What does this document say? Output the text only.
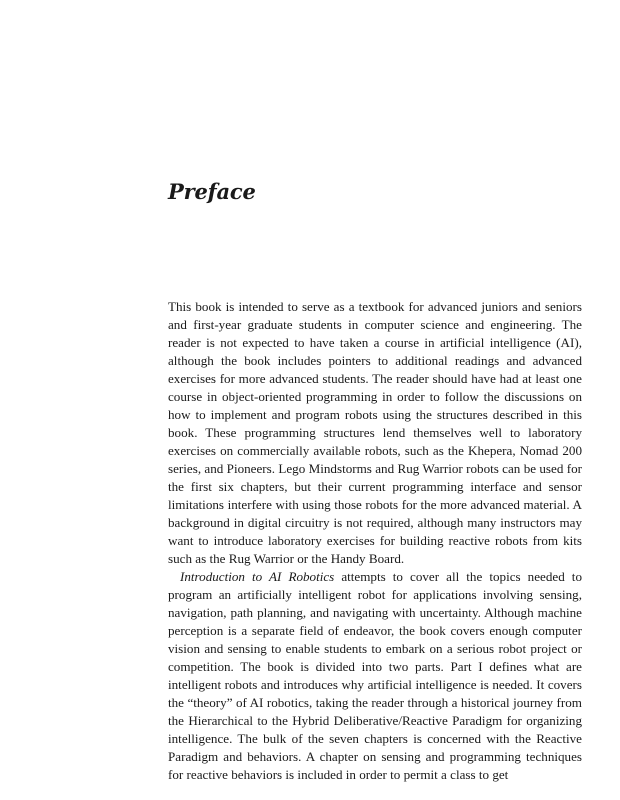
Preface

This book is intended to serve as a textbook for advanced juniors and seniors and first-year graduate students in computer science and engineering. The reader is not expected to have taken a course in artificial intelligence (AI), although the book includes pointers to additional readings and advanced exercises for more advanced students. The reader should have had at least one course in object-oriented programming in order to follow the discussions on how to implement and program robots using the structures described in this book. These programming structures lend themselves well to laboratory exercises on commercially available robots, such as the Khepera, Nomad 200 series, and Pioneers. Lego Mindstorms and Rug Warrior robots can be used for the first six chapters, but their current programming interface and sensor limitations interfere with using those robots for the more advanced material. A background in digital circuitry is not required, although many instructors may want to introduce laboratory exercises for building reactive robots from kits such as the Rug Warrior or the Handy Board.

Introduction to AI Robotics attempts to cover all the topics needed to program an artificially intelligent robot for applications involving sensing, navigation, path planning, and navigating with uncertainty. Although machine perception is a separate field of endeavor, the book covers enough computer vision and sensing to enable students to embark on a serious robot project or competition. The book is divided into two parts. Part I defines what are intelligent robots and introduces why artificial intelligence is needed. It covers the “theory” of AI robotics, taking the reader through a historical journey from the Hierarchical to the Hybrid Deliberative/Reactive Paradigm for organizing intelligence. The bulk of the seven chapters is concerned with the Reactive Paradigm and behaviors. A chapter on sensing and programming techniques for reactive behaviors is included in order to permit a class to get
